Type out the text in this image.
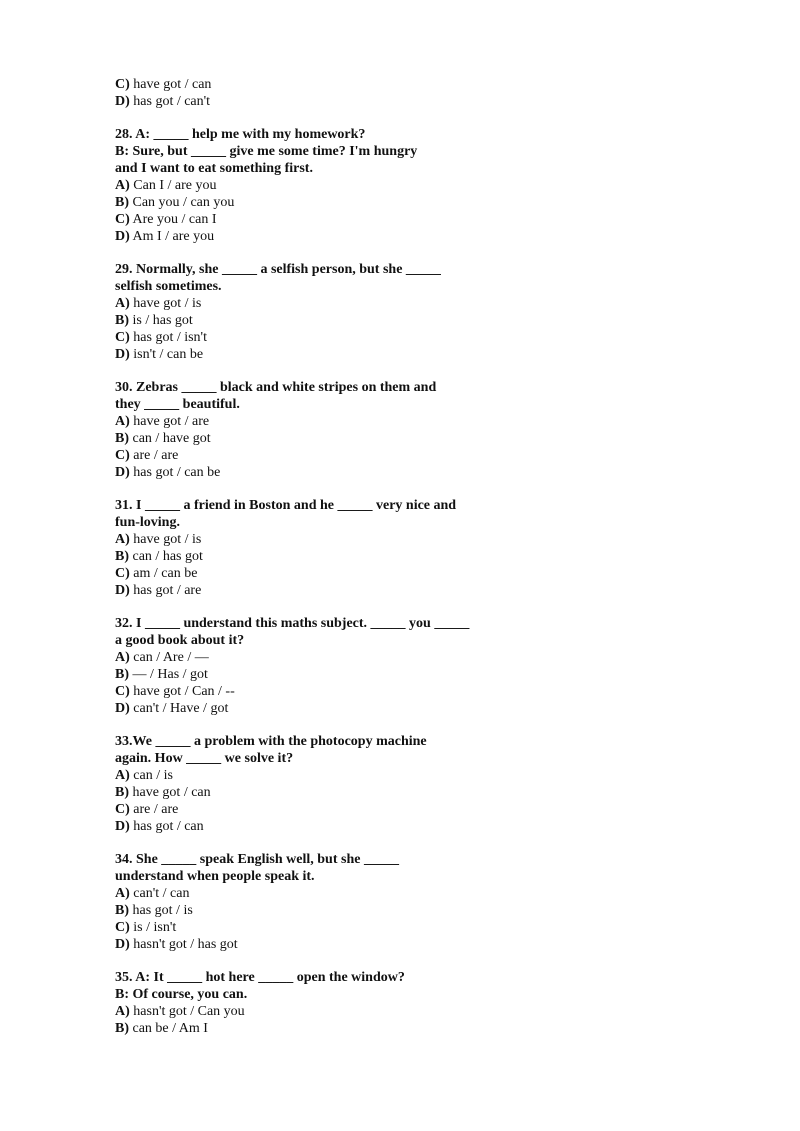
C) have got / can
D) has got / can't
28. A: _____ help me with my homework?
B: Sure, but _____ give me some time? I'm hungry
and I want to eat something first.
A) Can I / are you
B) Can you / can you
C) Are you / can I
D) Am I / are you
29. Normally, she _____ a selfish person, but she _____
selfish sometimes.
A) have got / is
B) is / has got
C) has got / isn't
D) isn't / can be
30. Zebras _____ black and white stripes on them and
they _____ beautiful.
A) have got / are
B) can / have got
C) are / are
D) has got / can be
31. I _____ a friend in Boston and he _____ very nice and
fun-loving.
A) have got / is
B) can / has got
C) am / can be
D) has got / are
32. I _____ understand this maths subject. _____ you _____
a good book about it?
A) can / Are / —
B) — / Has / got
C) have got / Can / --
D) can't / Have / got
33.We _____ a problem with the photocopy machine
again. How _____ we solve it?
A) can / is
B) have got / can
C) are / are
D) has got / can
34. She _____ speak English well, but she _____
understand when people speak it.
A) can't / can
B) has got / is
C) is / isn't
D) hasn't got / has got
35. A: It _____ hot here _____ open the window?
B: Of course, you can.
A) hasn't got / Can you
B) can be / Am I
